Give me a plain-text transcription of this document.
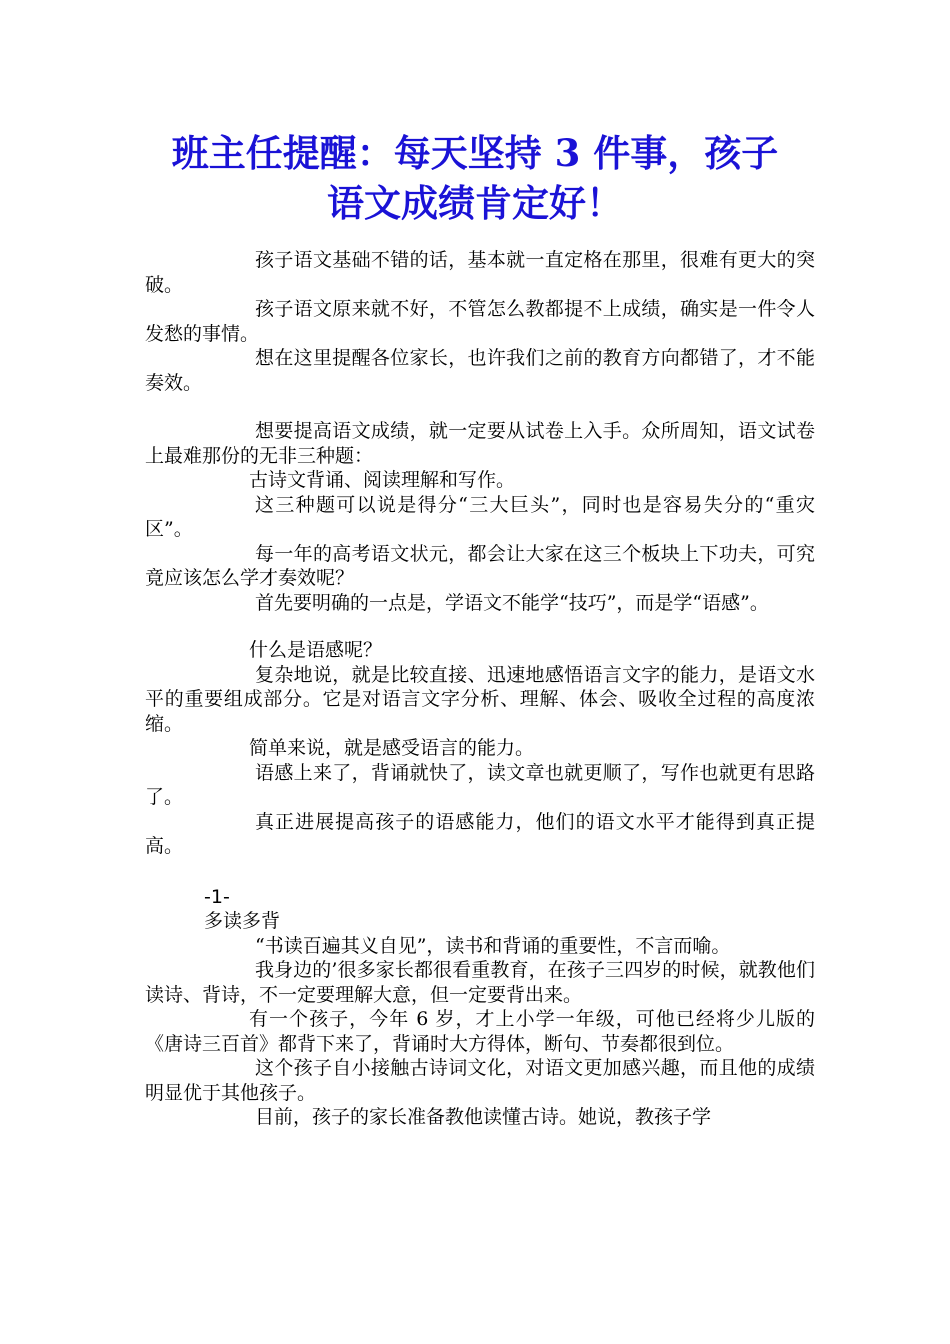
班主任提醒：每天坚持 3 件事，孩子
语文成绩肯定好！

孩子语文基础不错的话，基本就一直定格在那里，很难有更大的突破。

孩子语文原来就不好，不管怎么教都提不上成绩，确实是一件令人发愁的事情。

想在这里提醒各位家长，也许我们之前的教育方向都错了，才不能奏效。

想要提高语文成绩，就一定要从试卷上入手。众所周知，语文试卷上最难那份的无非三种题：

古诗文背诵、阅读理解和写作。

这三种题可以说是得分“三大巨头”，同时也是容易失分的“重灾区”。

每一年的高考语文状元，都会让大家在这三个板块上下功夫，可究竟应该怎么学才奏效呢？

首先要明确的一点是，学语文不能学“技巧”，而是学“语感”。

什么是语感呢？

复杂地说，就是比较直接、迅速地感悟语言文字的能力，是语文水平的重要组成部分。它是对语言文字分析、理解、体会、吸收全过程的高度浓缩。

简单来说，就是感受语言的能力。

语感上来了，背诵就快了，读文章也就更顺了，写作也就更有思路了。

真正进展提高孩子的语感能力，他们的语文水平才能得到真正提高。

-1-

多读多背

“书读百遍其义自见”，读书和背诵的重要性，不言而喻。

我身边的’很多家长都很看重教育，在孩子三四岁的时候，就教他们读诗、背诗，不一定要理解大意，但一定要背出来。

有一个孩子，今年 6 岁，才上小学一年级，可他已经将少儿版的《唐诗三百首》都背下来了，背诵时大方得体，断句、节奏都很到位。

这个孩子自小接触古诗词文化，对语文更加感兴趣，而且他的成绩明显优于其他孩子。

目前，孩子的家长准备教他读懂古诗。她说，教孩子学
